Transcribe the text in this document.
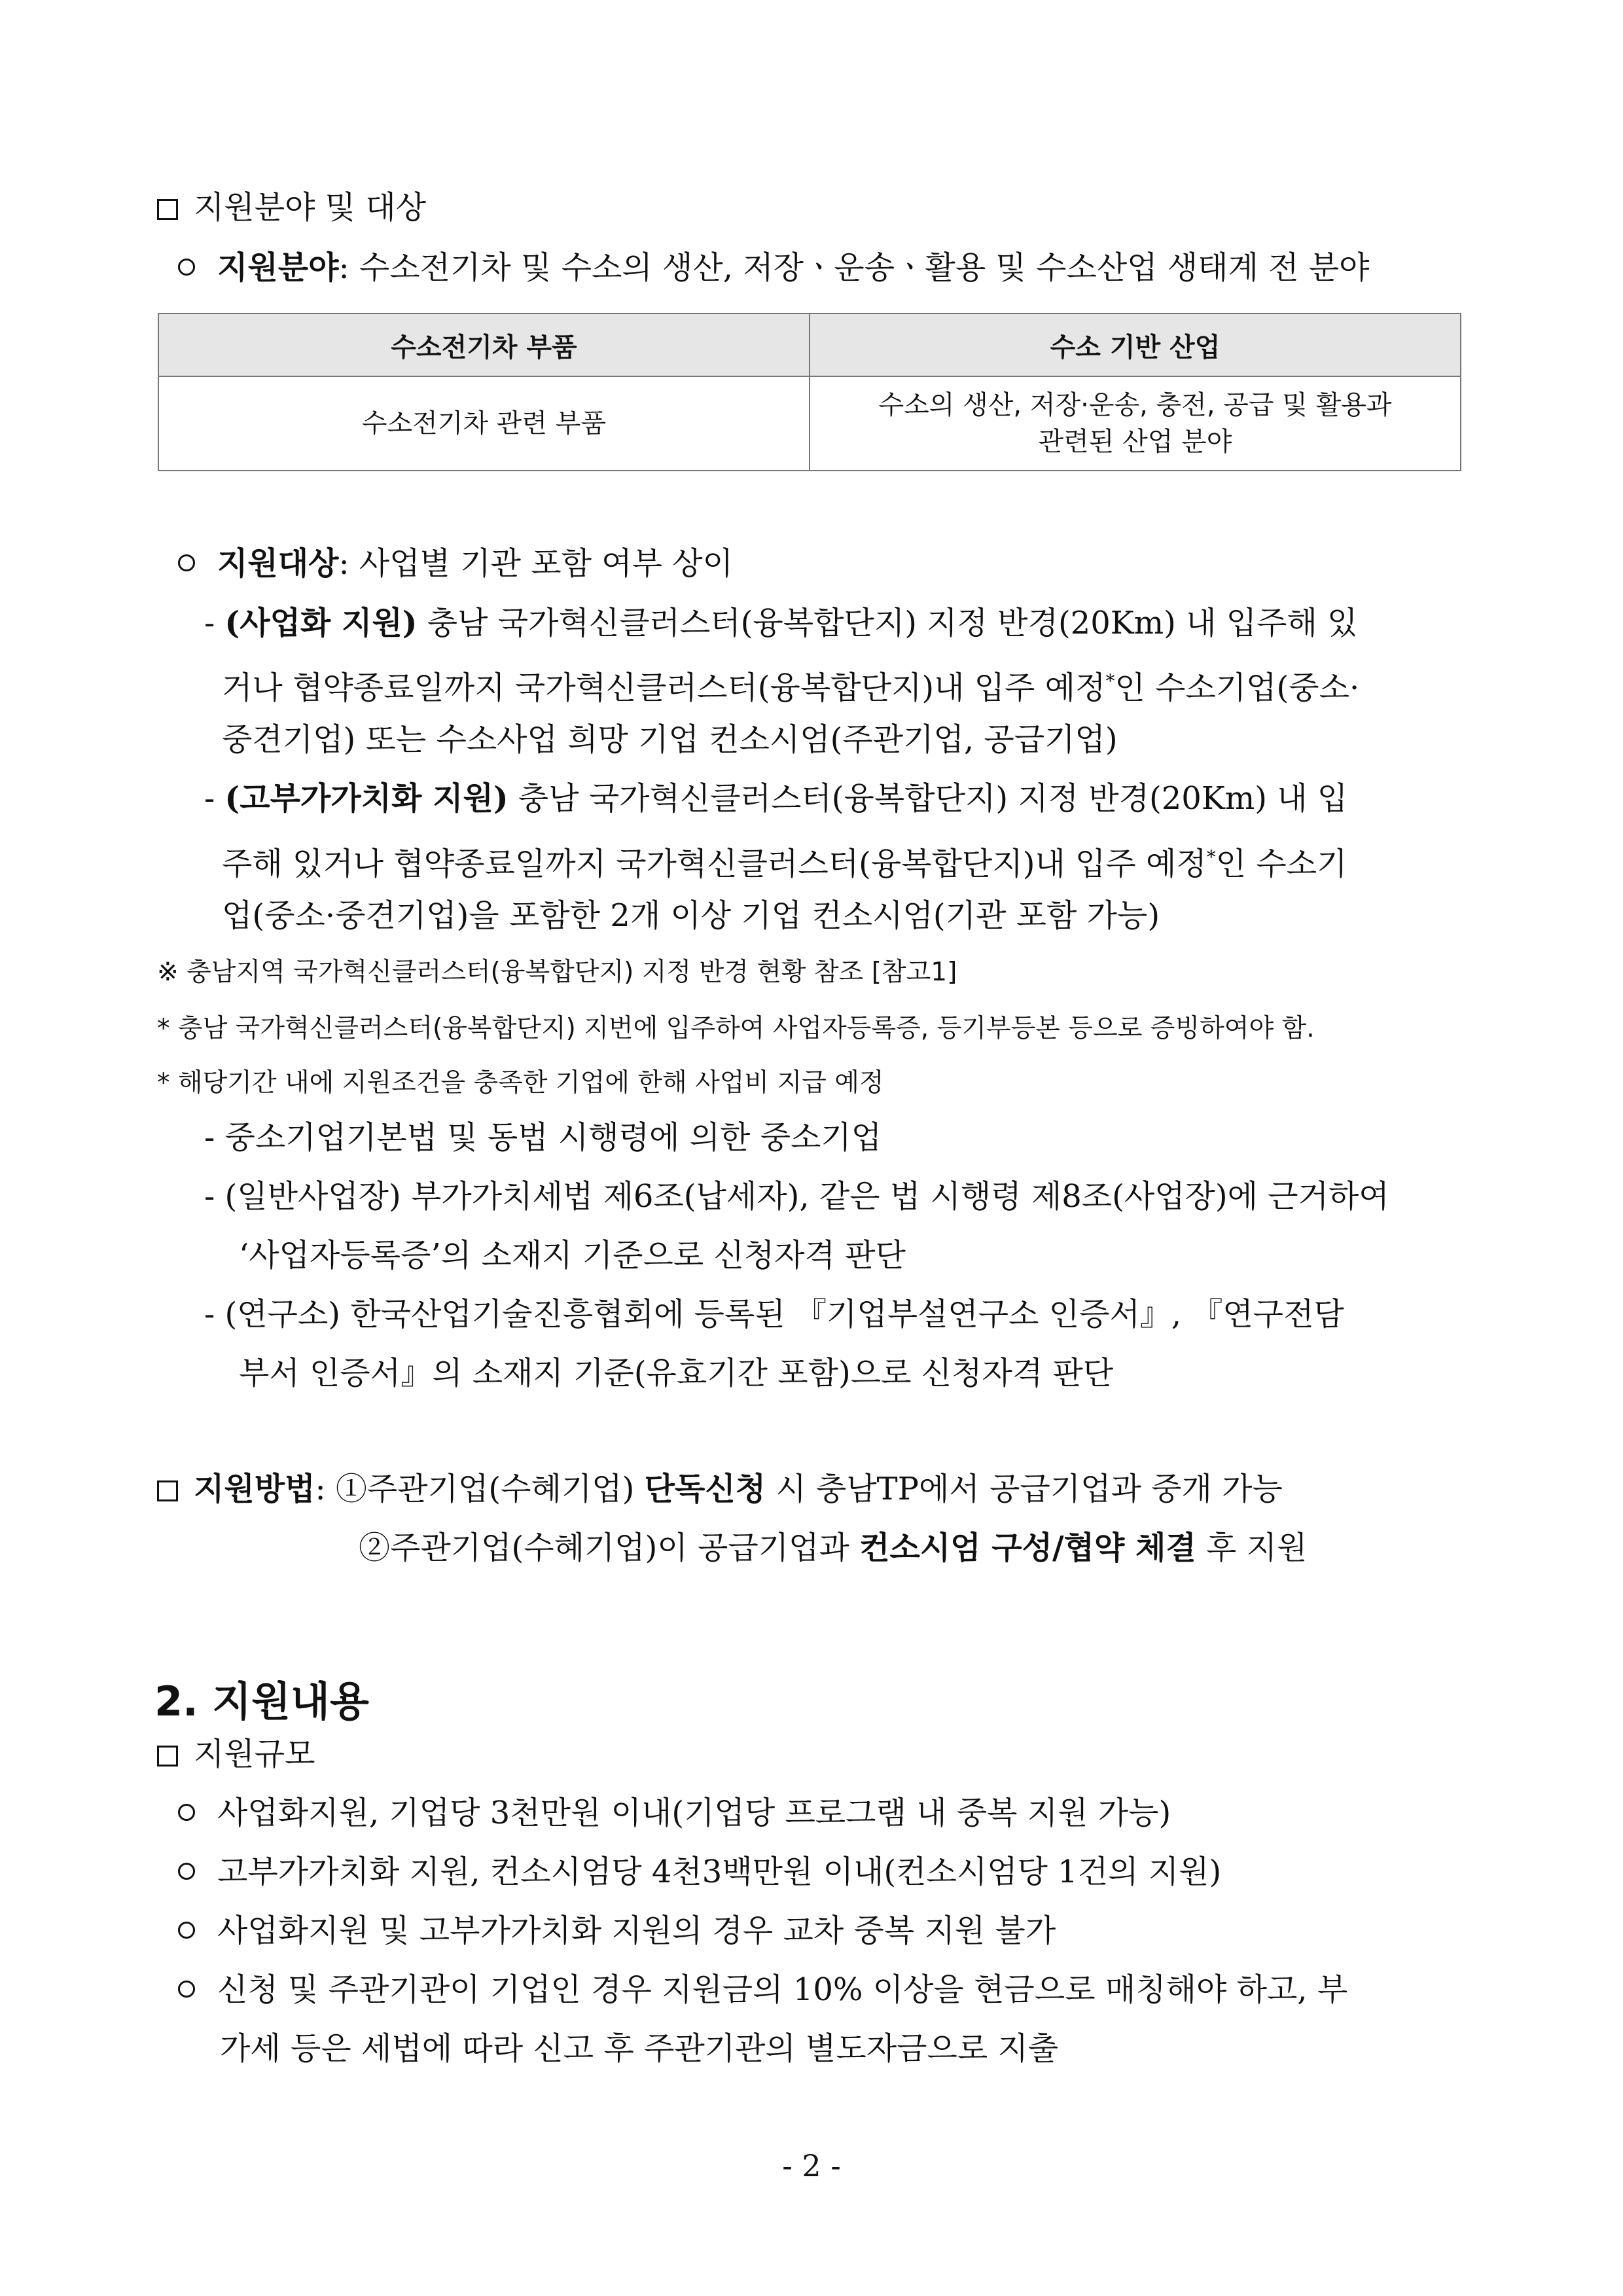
지원분야 및 대상
지원분야: 수소전기차 및 수소의 생산, 저장ㆍ운송ㆍ활용 및 수소산업 생태계 전 분야
수소전기차 부품	수소 기반 산업
수소전기차 관련 부품	수소의 생산, 저장·운송, 충전, 공급 및 활용과
관련된 산업 분야
지원대상: 사업별 기관 포함 여부 상이
- (사업화 지원) 충남 국가혁신클러스터(융복합단지) 지정 반경(20Km) 내 입주해 있
거나 협약종료일까지 국가혁신클러스터(융복합단지)내 입주 예정*인 수소기업(중소·
중견기업) 또는 수소사업 희망 기업 컨소시엄(주관기업, 공급기업)
- (고부가가치화 지원) 충남 국가혁신클러스터(융복합단지) 지정 반경(20Km) 내 입
주해 있거나 협약종료일까지 국가혁신클러스터(융복합단지)내 입주 예정*인 수소기
업(중소·중견기업)을 포함한 2개 이상 기업 컨소시엄(기관 포함 가능)
※ 충남지역 국가혁신클러스터(융복합단지) 지정 반경 현황 참조 [참고1]
* 충남 국가혁신클러스터(융복합단지) 지번에 입주하여 사업자등록증, 등기부등본 등으로 증빙하여야 함.
* 해당기간 내에 지원조건을 충족한 기업에 한해 사업비 지급 예정
- 중소기업기본법 및 동법 시행령에 의한 중소기업
- (일반사업장) 부가가치세법 제6조(납세자), 같은 법 시행령 제8조(사업장)에 근거하여
‘사업자등록증’의 소재지 기준으로 신청자격 판단
- (연구소) 한국산업기술진흥협회에 등록된 『기업부설연구소 인증서』, 『연구전담
부서 인증서』의 소재지 기준(유효기간 포함)으로 신청자격 판단
지원방법: ①주관기업(수혜기업) 단독신청 시 충남TP에서 공급기업과 중개 가능
②주관기업(수혜기업)이 공급기업과 컨소시엄 구성/협약 체결 후 지원
2. 지원내용
지원규모
사업화지원, 기업당 3천만원 이내(기업당 프로그램 내 중복 지원 가능)
고부가가치화 지원, 컨소시엄당 4천3백만원 이내(컨소시엄당 1건의 지원)
사업화지원 및 고부가가치화 지원의 경우 교차 중복 지원 불가
신청 및 주관기관이 기업인 경우 지원금의 10% 이상을 현금으로 매칭해야 하고, 부
가세 등은 세법에 따라 신고 후 주관기관의 별도자금으로 지출
- 2 -
